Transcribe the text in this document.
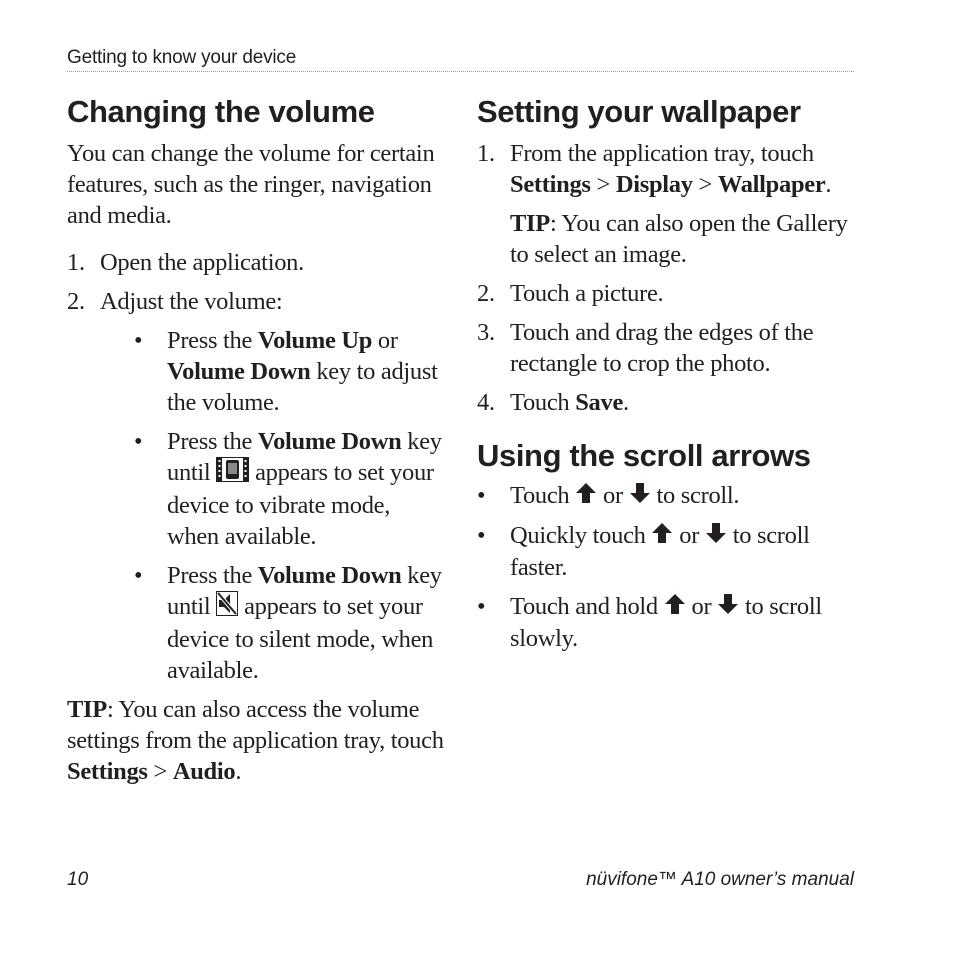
Getting to know your device
Changing the volume

You can change the volume for certain features, such as the ringer, navigation and media.

1. Open the application.
2. Adjust the volume:
• Press the Volume Up or Volume Down key to adjust the volume.
• Press the Volume Down key until  appears to set your device to vibrate mode, when available.
• Press the Volume Down key until  appears to set your device to silent mode, when available.

TIP: You can also access the volume settings from the application tray, touch Settings > Audio.

Setting your wallpaper
1. From the application tray, touch Settings > Display > Wallpaper.

TIP: You can also open the Gallery to select an image.

2. Touch a picture.
3. Touch and drag the edges of the rectangle to crop the photo.
4. Touch Save.
Using the scroll arrows
• Touch  or  to scroll.
• Quickly touch  or  to scroll faster.
• Touch and hold  or  to scroll slowly.
10	nüvifone™ A10 owner’s manual
